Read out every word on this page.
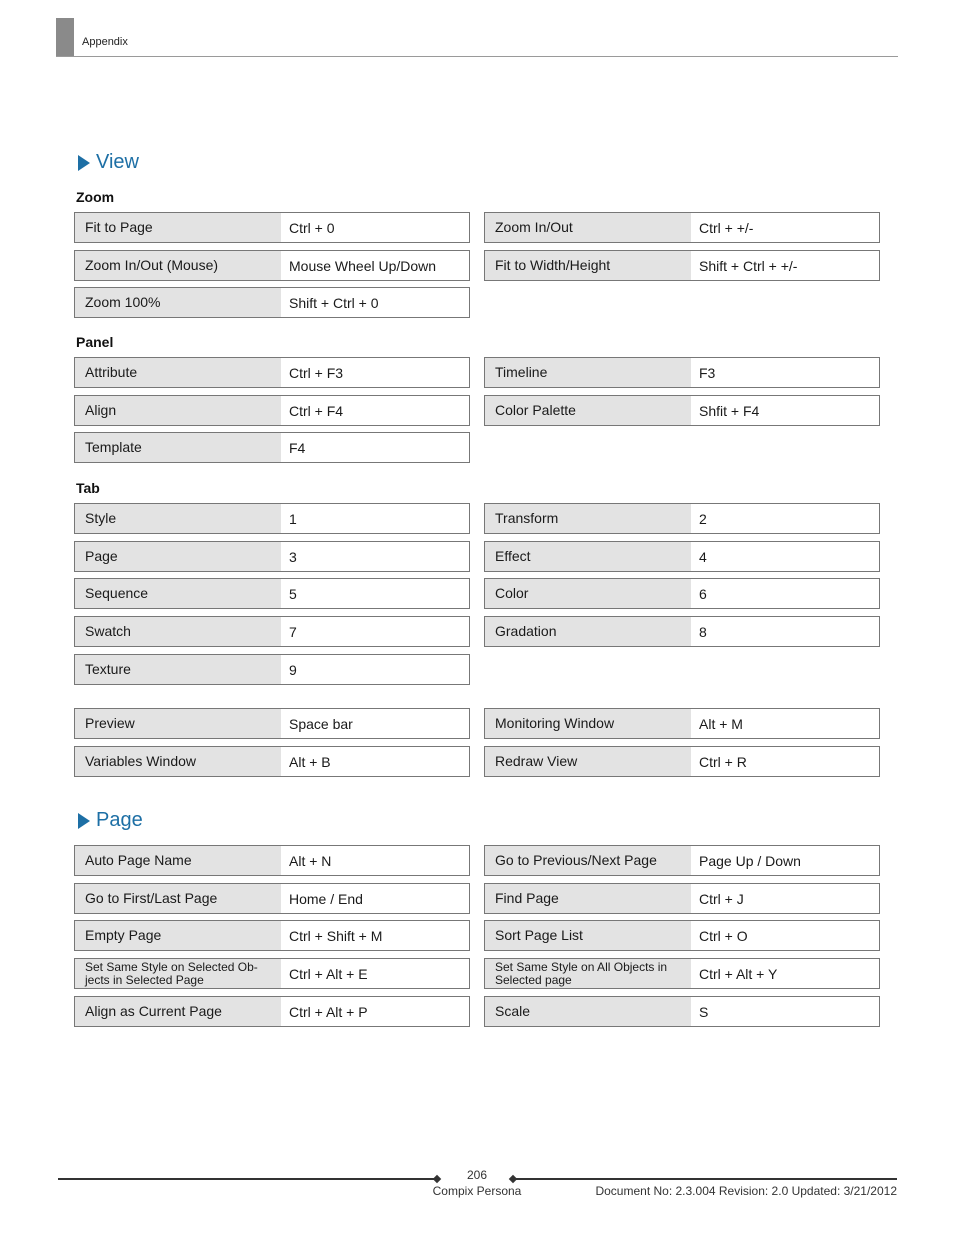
Appendix
View
Zoom
Panel
Tab
Page
Fit to Page	Ctrl + 0
Zoom In/Out (Mouse)	Mouse Wheel Up/Down
Zoom 100%	Shift + Ctrl + 0
Zoom In/Out	Ctrl + +/-
Fit to Width/Height	Shift + Ctrl + +/-
Attribute	Ctrl + F3
Align	Ctrl + F4
Template	F4
Timeline	F3
Color Palette	Shfit + F4
Style	1
Page	3
Sequence	5
Swatch	7
Texture	9
Transform	2
Effect	4
Color	6
Gradation	8
Preview	Space bar
Variables Window	Alt + B
Monitoring Window	Alt + M
Redraw View	Ctrl + R
Auto Page Name	Alt + N
Go to First/Last Page	Home / End
Empty Page	Ctrl + Shift + M
Set Same Style on Selected Ob-
jects in Selected Page	Ctrl + Alt + E
Align as Current Page	Ctrl + Alt + P
Go to Previous/Next Page	Page Up / Down
Find Page	Ctrl + J
Sort Page List	Ctrl + O
Set Same Style on All Objects in
Selected page	Ctrl + Alt + Y
Scale	S
206
Compix Persona	Document No: 2.3.004 Revision: 2.0 Updated: 3/21/2012
